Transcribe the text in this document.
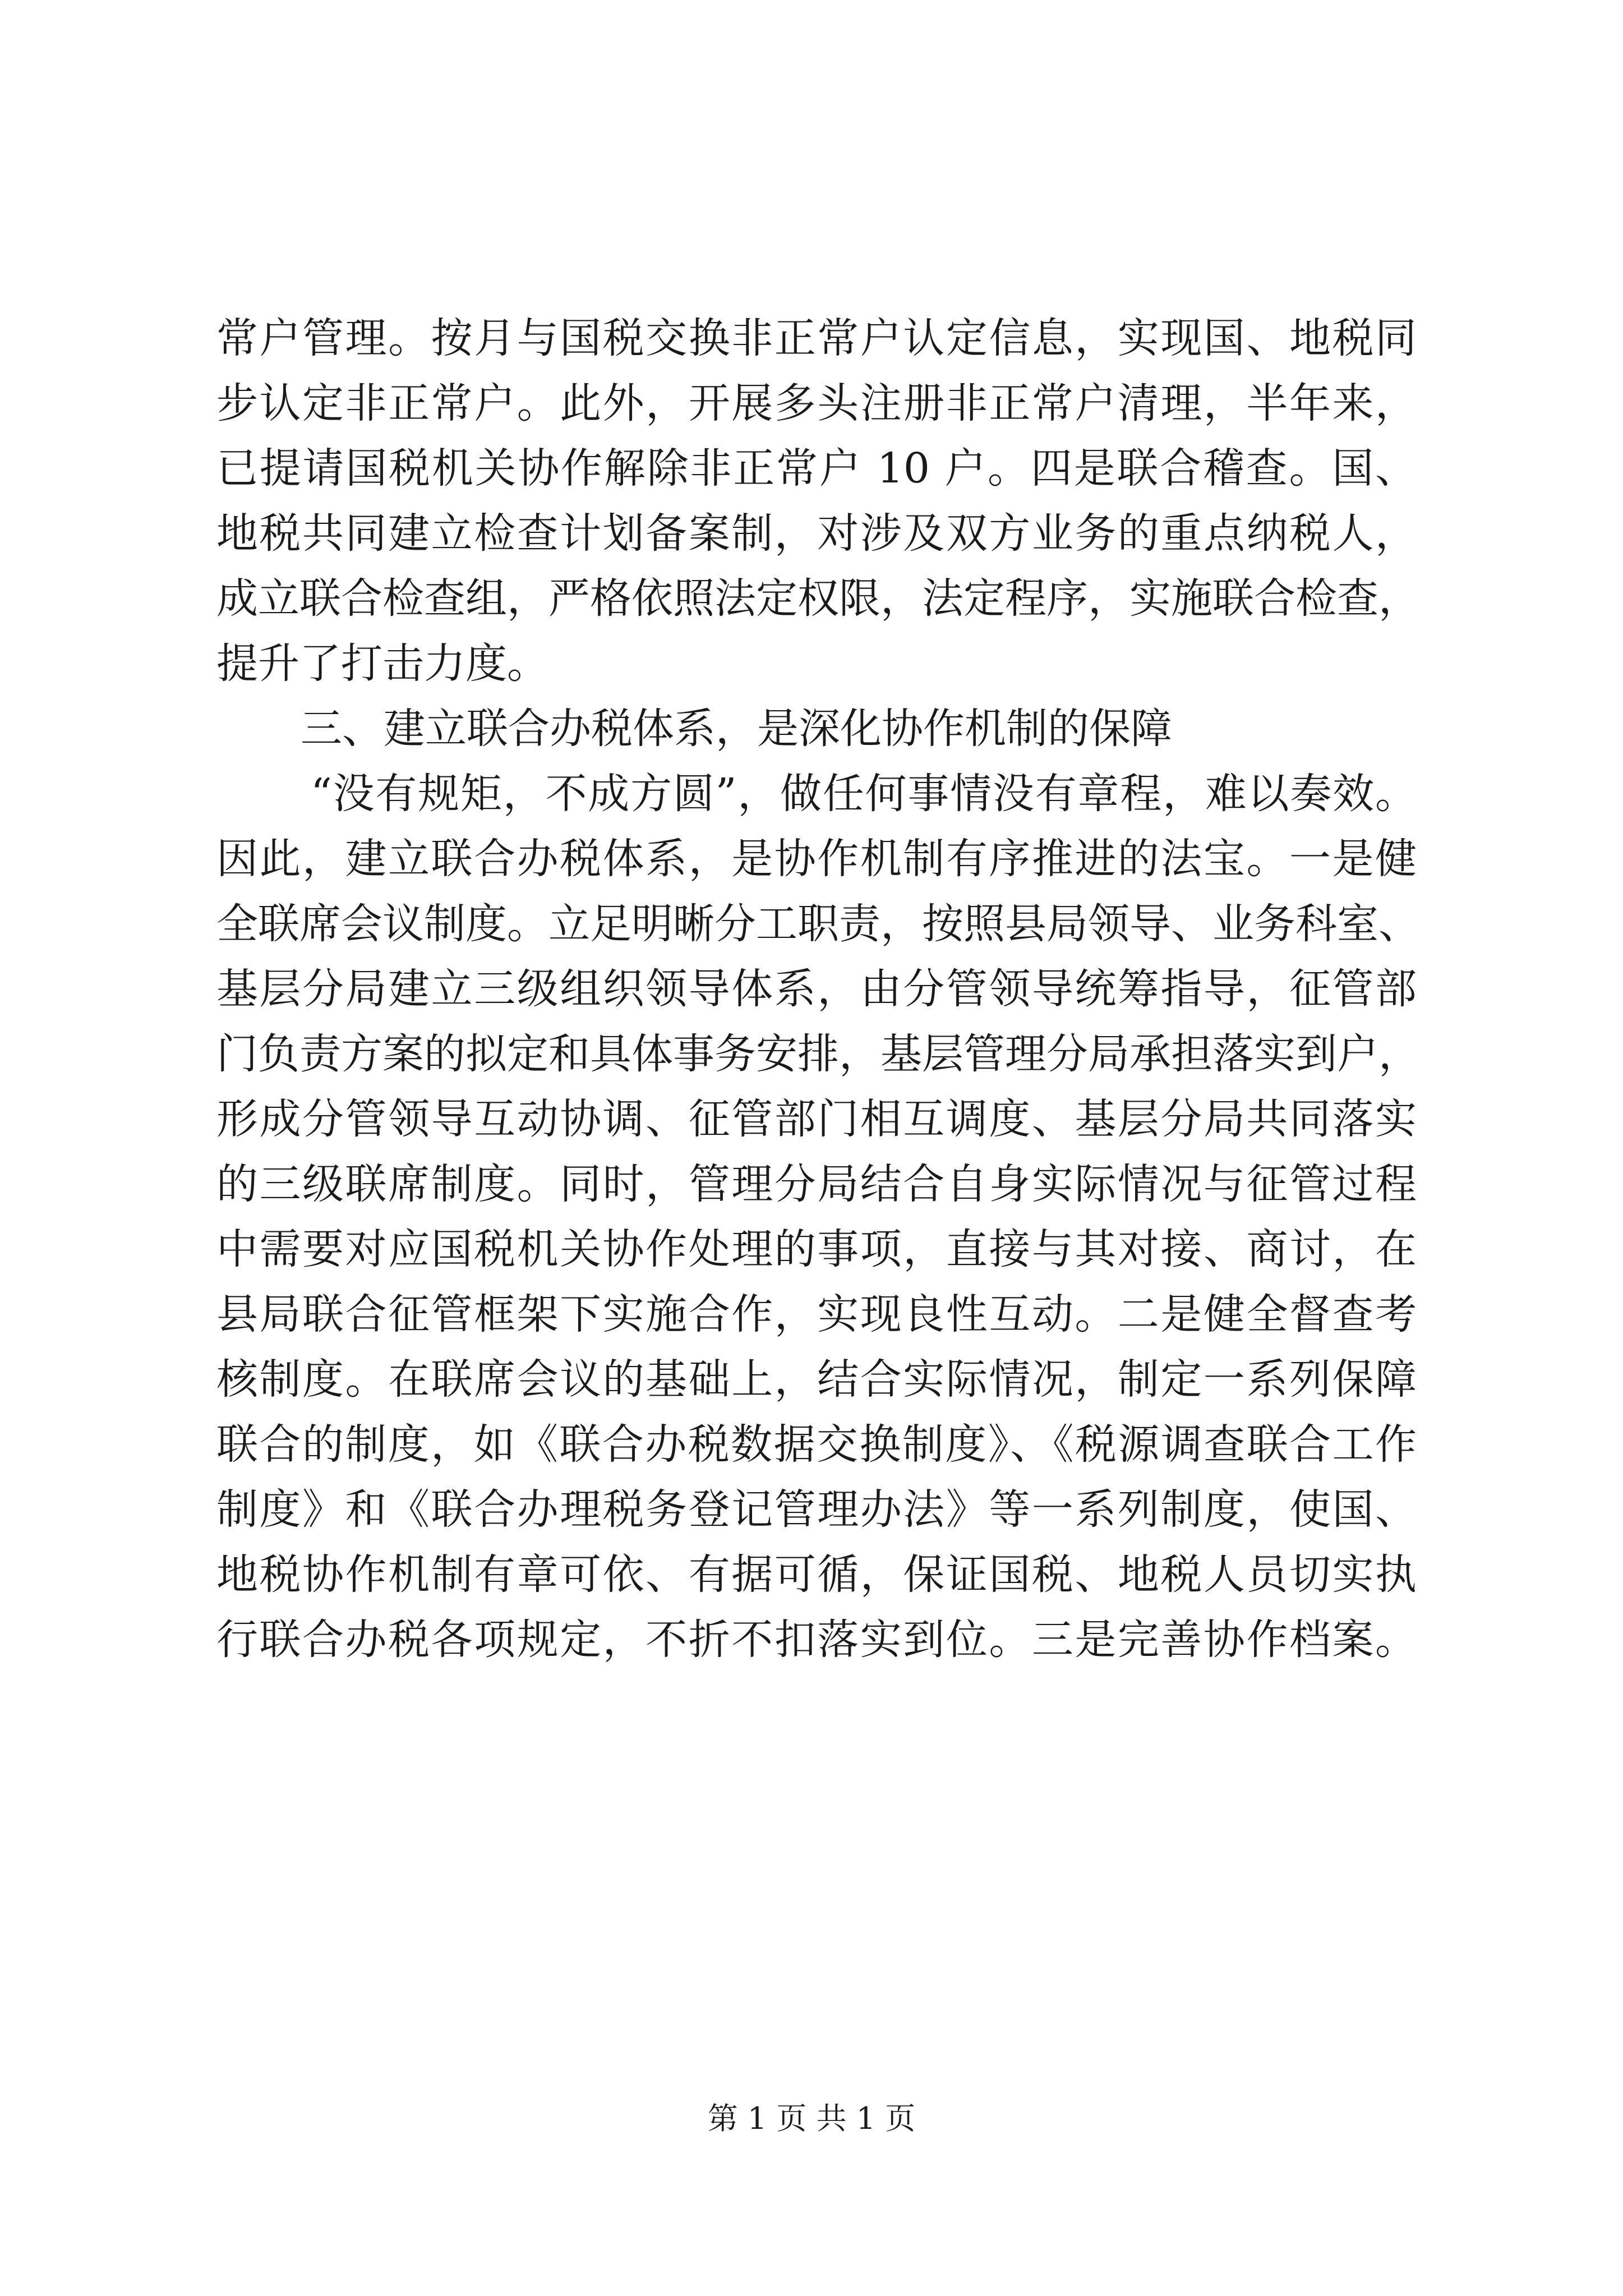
常户管理。按月与国税交换非正常户认定信息，实现国、地税同
步认定非正常户。此外，开展多头注册非正常户清理，半年来，
已提请国税机关协作解除非正常户 10 户。四是联合稽查。国、
地税共同建立检查计划备案制，对涉及双方业务的重点纳税人，
成立联合检查组，严格依照法定权限，法定程序，实施联合检查，
提升了打击力度。
三、建立联合办税体系，是深化协作机制的保障
“没有规矩，不成方圆”，做任何事情没有章程，难以奏效。
因此，建立联合办税体系，是协作机制有序推进的法宝。一是健
全联席会议制度。立足明晰分工职责，按照县局领导、业务科室、
基层分局建立三级组织领导体系，由分管领导统筹指导，征管部
门负责方案的拟定和具体事务安排，基层管理分局承担落实到户，
形成分管领导互动协调、征管部门相互调度、基层分局共同落实
的三级联席制度。同时，管理分局结合自身实际情况与征管过程
中需要对应国税机关协作处理的事项，直接与其对接、商讨，在
县局联合征管框架下实施合作，实现良性互动。二是健全督查考
核制度。在联席会议的基础上，结合实际情况，制定一系列保障
联合的制度，如《联合办税数据交换制度》、《税源调查联合工作
制度》和《联合办理税务登记管理办法》等一系列制度，使国、
地税协作机制有章可依、有据可循，保证国税、地税人员切实执
行联合办税各项规定，不折不扣落实到位。三是完善协作档案。
第 1 页 共 1 页
